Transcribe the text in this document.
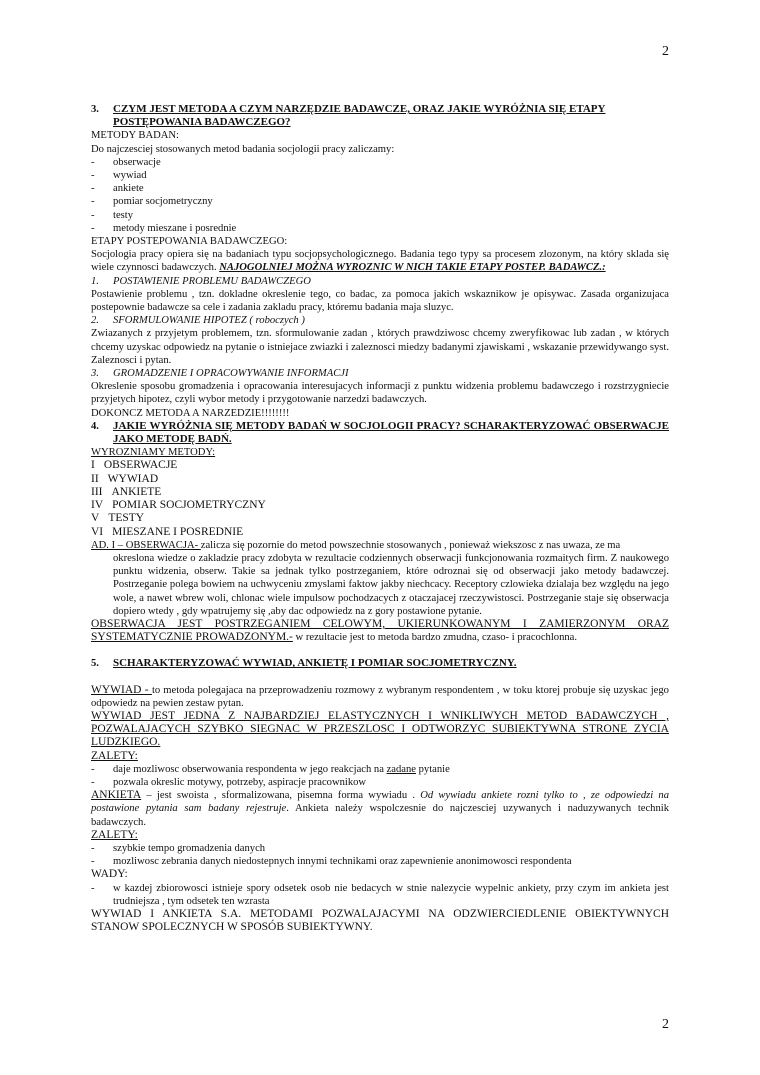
2
3.	CZYM JEST METODA A CZYM NARZĘDZIE BADAWCZE, ORAZ JAKIE WYRÓŻNIA SIĘ ETAPY POSTĘPOWANIA BADAWCZEGO?

METODY BADAN:

Do najczesciej stosowanych metod badania socjologii pracy zaliczamy:

-	obserwacje
-	wywiad
-	ankiete
-	pomiar socjometryczny
-	testy
-	metody mieszane i posrednie

ETAPY POSTEPOWANIA BADAWCZEGO:

Socjologia pracy opiera się na badaniach typu socjopsychologicznego. Badania tego typy sa procesem zlozonym, na który sklada się wiele czynnosci badawczych. NAJOGOLNIEJ MOŻNA WYROZNIC W NICH TAKIE ETAPY POSTEP. BADAWCZ.:

1.	POSTAWIENIE PROBLEMU BADAWCZEGO

Postawienie problemu , tzn. dokladne okreslenie tego, co badac, za pomoca jakich wskaznikow je opisywac. Zasada organizujaca postepownie badawcze sa cele i zadania zakladu pracy, któremu badania maja sluzyc.

2.	SFORMULOWANIE HIPOTEZ ( roboczych )

Zwiazanych z przyjetym problemem, tzn. sformulowanie zadan , których prawdziwosc chcemy zweryfikowac lub zadan , w których chcemy uzyskac odpowiedz na pytanie o istniejace zwiazki i zaleznosci miedzy badanymi zjawiskami , wskazanie przewidywango syst. Zaleznosci i pytan.

3.	GROMADZENIE I OPRACOWYWANIE INFORMACJI

Okreslenie sposobu gromadzenia i opracowania interesujacych informacji z punktu widzenia problemu badawczego i rozstrzygniecie przyjetych hipotez, czyli wybor metody i przygotowanie narzedzi badawczych.

DOKONCZ METODA A NARZEDZIE!!!!!!!!

4.	JAKIE WYRÓŻNIA SIĘ METODY BADAŃ W SOCJOLOGII PRACY? SCHARAKTERYZOWAĆ OBSERWACJE JAKO METODĘ BADŃ.

WYROZNIAMY METODY:

I OBSERWACJE
II WYWIAD
III ANKIETE
IV POMIAR SOCJOMETRYCZNY
V TESTY
VI MIESZANE I POSREDNIE

AD. I – OBSERWACJA- zalicza się pozornie do metod powszechnie stosowanych , ponieważ wiekszosc z nas uwaza, ze ma

okreslona wiedze o zakladzie pracy zdobyta w rezultacie codziennych obserwacji funkcjonowania rozmaitych firm. Z naukowego punktu widzenia, obserw. Takie sa jednak tylko postrzeganiem, które odroznai się od obserwacji jako metody badawczej. Postrzeganie polega bowiem na uchwyceniu zmyslami faktow jakby niechcacy. Receptory czlowieka dzialaja bez względu na jego wole, a nawet wbrew woli, chlonac wiele impulsow pochodzacych z otaczajacej rzeczywistosci. Postrzeganie staje się obserwacja dopiero wtedy , gdy wpatrujemy się ,aby dac odpowiedz na z gory postawione pytanie.

OBSERWACJA JEST POSTRZEGANIEM CELOWYM, UKIERUNKOWANYM I ZAMIERZONYM ORAZ SYSTEMATYCZNIE PROWADZONYM.- w rezultacie jest to metoda bardzo zmudna, czaso- i pracochlonna.

5.	SCHARAKTERYZOWAĆ WYWIAD, ANKIETĘ I POMIAR SOCJOMETRYCZNY.

WYWIAD - to metoda polegajaca na przeprowadzeniu rozmowy z wybranym respondentem , w toku ktorej probuje się uzyskac jego odpowiedz na pewien zestaw pytan.

WYWIAD JEST JEDNA Z NAJBARDZIEJ ELASTYCZNYCH I WNIKLIWYCH METOD BADAWCZYCH , POZWALAJACYCH SZYBKO SIEGNAC W PRZESZLOSC I ODTWORZYC SUBIEKTYWNA STRONE ZYCIA LUDZKIEGO.

ZALETY:

-	daje mozliwosc obserwowania respondenta w jego reakcjach na zadane pytanie
-	pozwala okreslic motywy, potrzeby, aspiracje pracownikow

ANKIETA – jest swoista , sformalizowana, pisemna forma wywiadu . Od wywiadu ankiete rozni tylko to , ze odpowiedzi na postawione pytania sam badany rejestruje. Ankieta należy wspolczesnie do najczesciej uzywanych i naduzywanych technik badawczych.

ZALETY:

-	szybkie tempo gromadzenia danych
-	mozliwosc zebrania danych niedostepnych innymi technikami oraz zapewnienie anonimowosci respondenta

WADY:

-	w kazdej zbiorowosci istnieje spory odsetek osob nie bedacych w stnie nalezycie wypelnic ankiety, przy czym im ankieta jest trudniejsza , tym odsetek ten wzrasta

WYWIAD I ANKIETA S.A. METODAMI POZWALAJACYMI NA ODZWIERCIEDLENIE OBIEKTYWNYCH STANOW SPOLECZNYCH W SPOSÓB SUBIEKTYWNY.

2
